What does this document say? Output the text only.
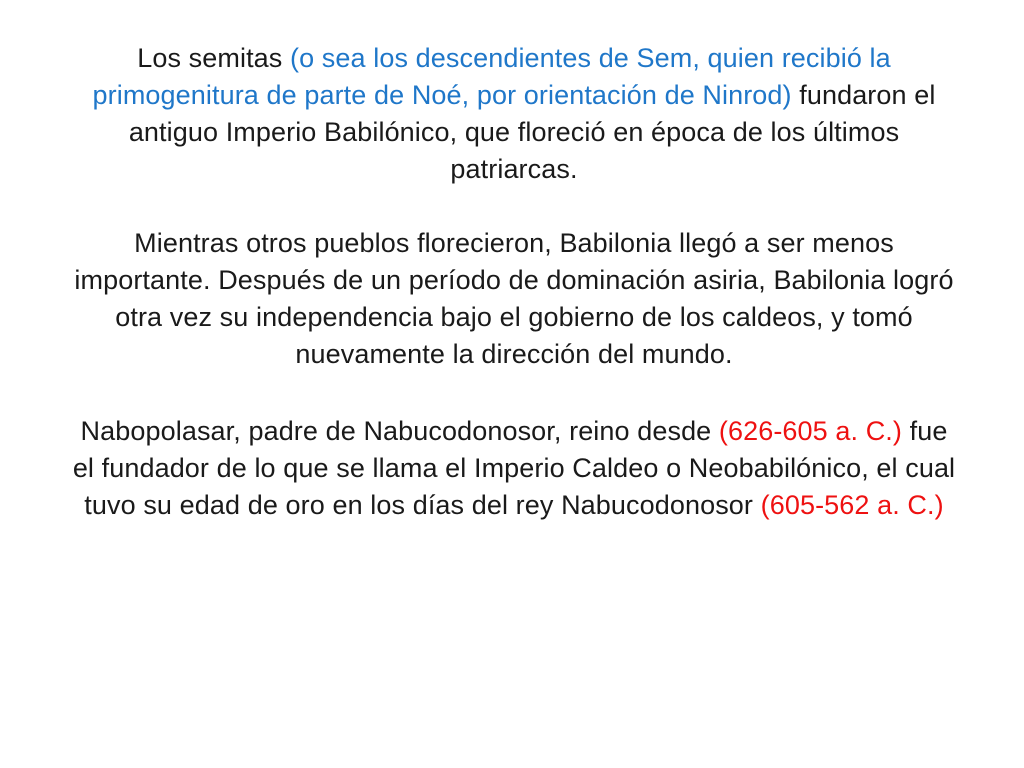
Los semitas (o sea los descendientes de Sem, quien recibió la primogenitura de parte de Noé, por orientación de Ninrod) fundaron el antiguo Imperio Babilónico, que floreció en época de los últimos patriarcas.

Mientras otros pueblos florecieron, Babilonia llegó a ser menos importante. Después de un período de dominación asiria, Babilonia logró otra vez su independencia bajo el gobierno de los caldeos, y tomó nuevamente la dirección del mundo.

Nabopolasar, padre de Nabucodonosor, reino desde (626-605 a. C.) fue el fundador de lo que se llama el Imperio Caldeo o Neobabilónico, el cual tuvo su edad de oro en los días del rey Nabucodonosor (605-562 a. C.)
